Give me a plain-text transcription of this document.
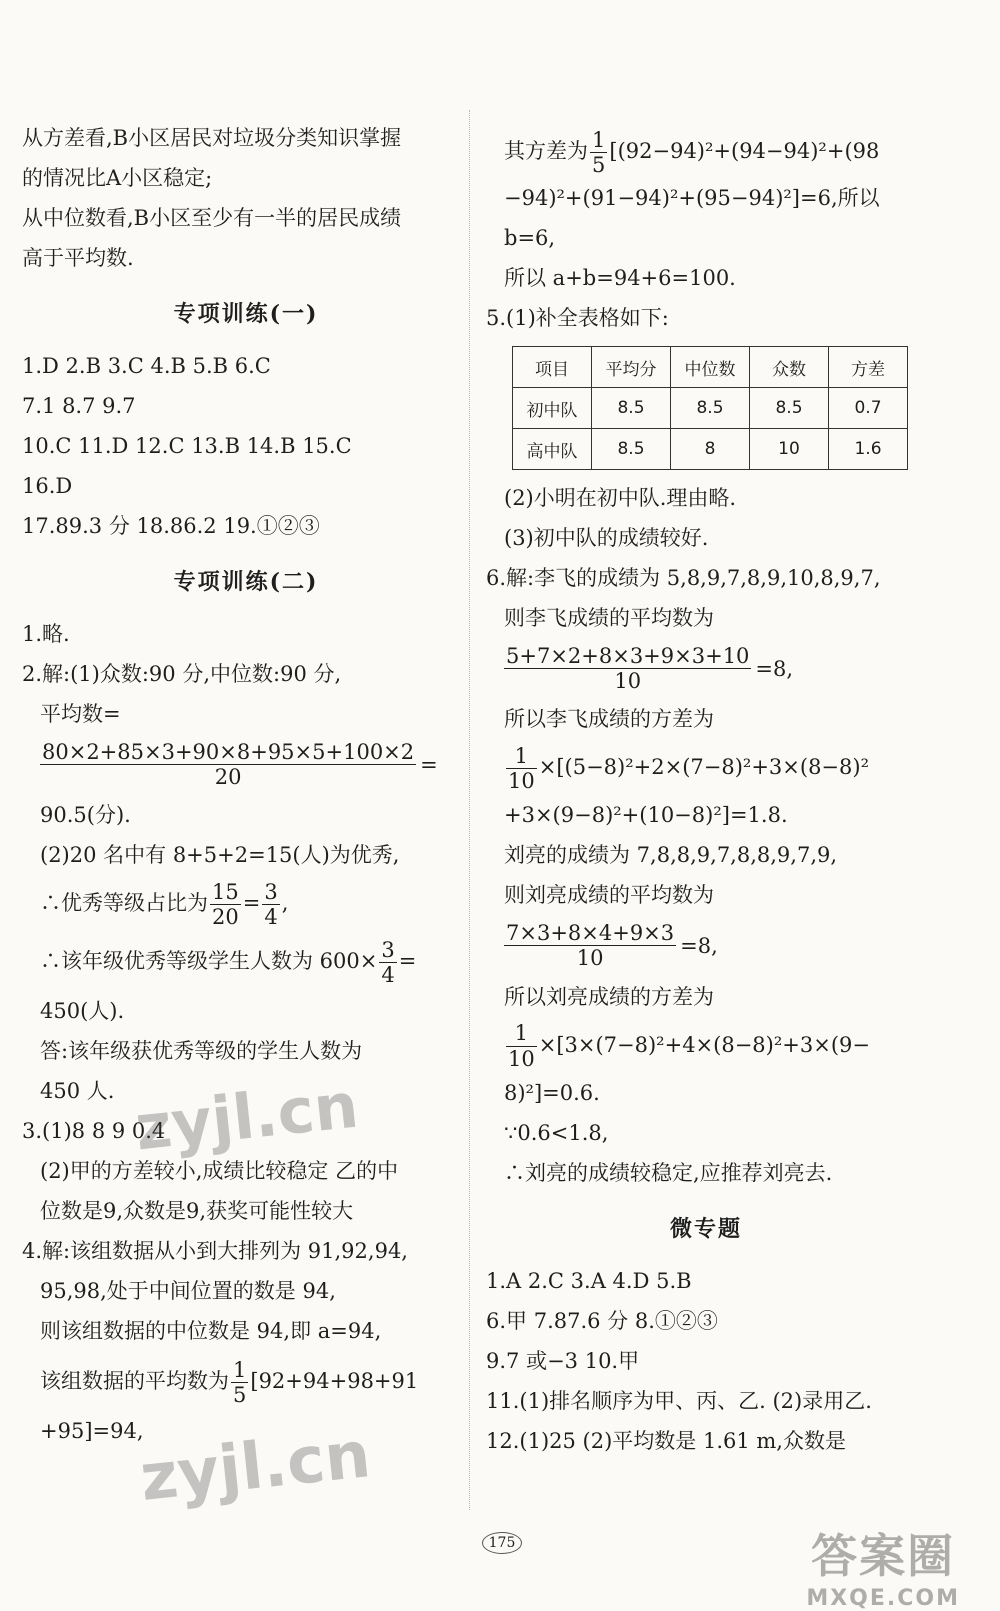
从方差看,B小区居民对垃圾分类知识掌握
的情况比A小区稳定;
从中位数看,B小区至少有一半的居民成绩
高于平均数.
专项训练(一)
1.D 2.B 3.C 4.B 5.B 6.C
7.1 8.7 9.7
10.C 11.D 12.C 13.B 14.B 15.C
16.D
17.89.3 分 18.86.2 19.①②③
专项训练(二)
1.略.
2.解:(1)众数:90 分,中位数:90 分,
平均数=
$\frac{80\times 2+85\times 3+90\times 8+95\times 5+100\times 2}{20}$ =
90.5(分).
(2)20 名中有 8+5+2=15(人)为优秀,
∴优秀等级占比为 $\frac{15}{20} = \frac{3}{4}$ ,
∴该年级优秀等级学生人数为 $600\times \frac{3}{4}$ =
450(人).
答:该年级获优秀等级的学生人数为
450 人.
3.(1)8 8 9 0.4
(2)甲的方差较小,成绩比较稳定 乙的中
位数是9,众数是9,获奖可能性较大
4.解:该组数据从小到大排列为 91,92,94,
95,98,处于中间位置的数是 94,
则该组数据的中位数是 94,即 a=94,
该组数据的平均数为 $\frac{1}{5} [92+94+98+91$
+95]=94,
其方差为 $\frac{1}{5} [(92-94)^2+(94-94)^2+(98$
−94)²+(91−94)²+(95−94)²]=6,所以
b=6,
所以 a+b=94+6=100.
5.(1)补全表格如下:
项目	平均分	中位数	众数	方差
初中队	8.5	8.5	8.5	0.7
高中队	8.5	8	10	1.6
(2)小明在初中队.理由略.
(3)初中队的成绩较好.
6.解:李飞的成绩为 5,8,9,7,8,9,10,8,9,7,
则李飞成绩的平均数为
$\frac{5+7\times 2+8\times 3+9\times 3+10}{10} =8$,
所以李飞成绩的方差为
$\frac{1}{10} \times[(5-8)^2+2\times(7-8)^2+3\times(8-8)^2$
+3×(9−8)²+(10−8)²]=1.8.
刘亮的成绩为 7,8,8,9,7,8,8,9,7,9,
则刘亮成绩的平均数为
$\frac{7\times 3+8\times 4+9\times 3}{10} =8$,
所以刘亮成绩的方差为
$\frac{1}{10} \times[3\times(7-8)^2+4\times(8-8)^2+3\times(9-$
8)²]=0.6.
∵0.6<1.8,
∴刘亮的成绩较稳定,应推荐刘亮去.
微专题
1.A 2.C 3.A 4.D 5.B
6.甲 7.87.6 分 8.①②③
9.7 或−3 10.甲
11.(1)排名顺序为甲、丙、乙. (2)录用乙.
12.(1)25 (2)平均数是 1.61 m,众数是
175
zyjl.cn
zyjl.cn
答案圈
MXQE.COM
